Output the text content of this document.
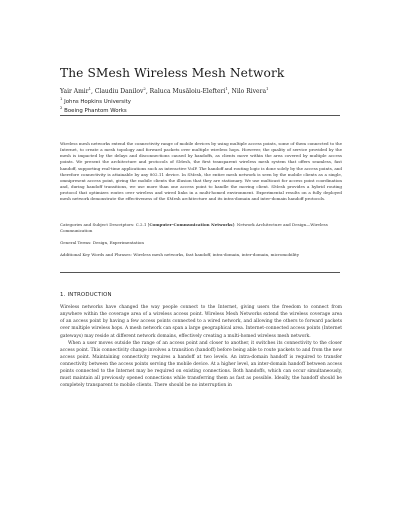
The SMesh Wireless Mesh Network
Yair Amir$^1$, Claudiu Danilov$^2$, Raluca Musăloiu-Elefteri$^1$, Nilo Rivera$^1$
$^1$ Johns Hopkins University
$^2$ Boeing Phantom Works

Wireless mesh networks extend the connectivity range of mobile devices by using multiple access points, some of them connected to the Internet, to create a mesh topology and forward packets over multiple wireless hops. However, the quality of service provided by the mesh is impacted by the delays and disconnections caused by handoffs, as clients move within the area covered by multiple access points. We present the architecture and protocols of SMesh, the first transparent wireless mesh system that offers seamless, fast handoff, supporting real-time applications such as interactive VoIP. The handoff and routing logic is done solely by the access points, and therefore connectivity is attainable by any 802.11 device. In SMesh, the entire mesh network is seen by the mobile clients as a single, omnipresent access point, giving the mobile clients the illusion that they are stationary. We use multicast for access point coordination and, during handoff transitions, we use more than one access point to handle the moving client. SMesh provides a hybrid routing protocol that optimizes routes over wireless and wired links in a multi-homed environment. Experimental results on a fully deployed mesh network demonstrate the effectiveness of the SMesh architecture and its intra-domain and inter-domain handoff protocols.

Categories and Subject Descriptors: C.2.1 [Computer-Communication Networks]: Network Architecture and Design—Wireless Communication

General Terms: Design, Experimentation

Additional Key Words and Phrases: Wireless mesh networks, fast handoff, intra-domain, inter-domain, micromobility

1. INTRODUCTION

Wireless networks have changed the way people connect to the Internet, giving users the freedom to connect from anywhere within the coverage area of a wireless access point. Wireless Mesh Networks extend the wireless coverage area of an access point by having a few access points connected to a wired network, and allowing the others to forward packets over multiple wireless hops. A mesh network can span a large geographical area. Internet-connected access points (Internet gateways) may reside at different network domains, effectively creating a multi-homed wireless mesh network.

When a user moves outside the range of an access point and closer to another, it switches its connectivity to the closer access point. This connectivity change involves a transition (handoff) before being able to route packets to and from the new access point. Maintaining connectivity requires a handoff at two levels. An intra-domain handoff is required to transfer connectivity between the access points serving the mobile device. At a higher level, an inter-domain handoff between access points connected to the Internet may be required on existing connections. Both handoffs, which can occur simultaneously, must maintain all previously opened connections while transferring them as fast as possible. Ideally, the handoff should be completely transparent to mobile clients. There should be no interruption in
